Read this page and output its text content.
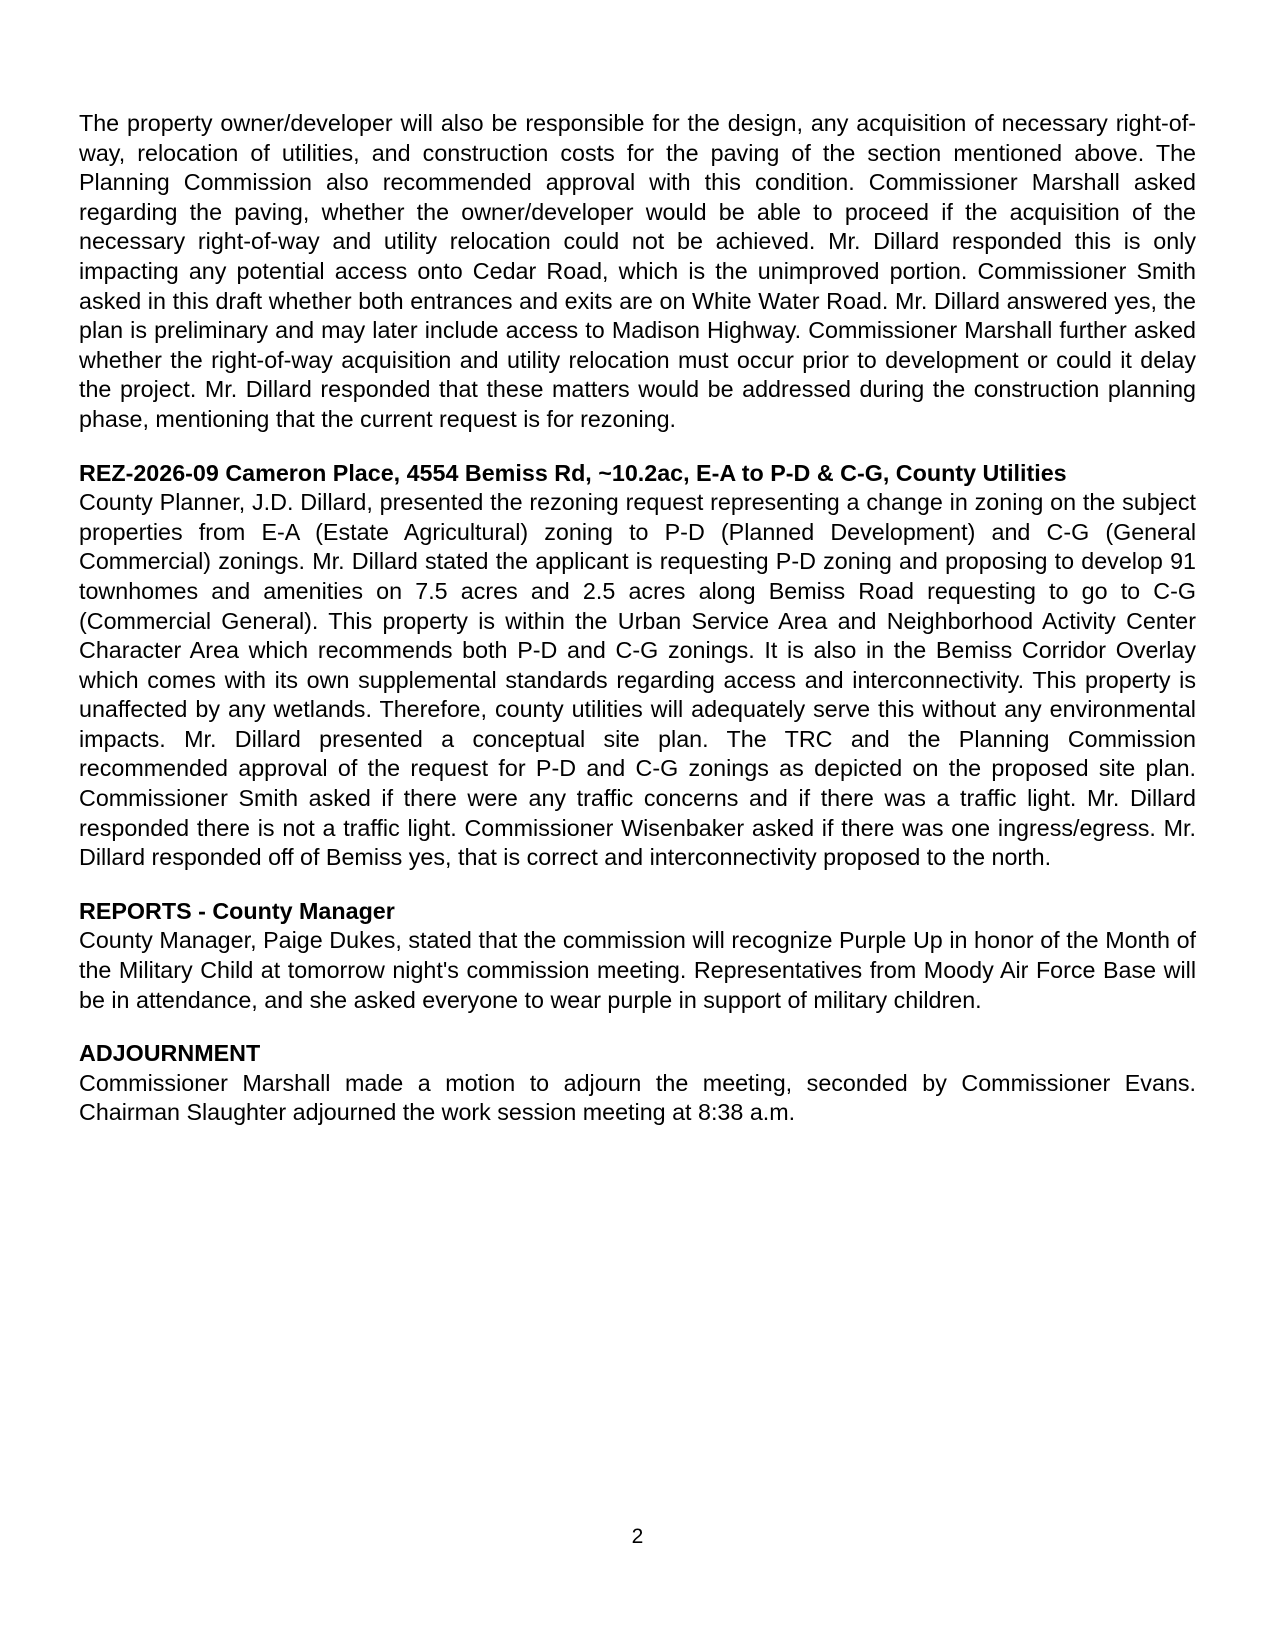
The property owner/developer will also be responsible for the design, any acquisition of necessary right-of-way, relocation of utilities, and construction costs for the paving of the section mentioned above. The Planning Commission also recommended approval with this condition. Commissioner Marshall asked regarding the paving, whether the owner/developer would be able to proceed if the acquisition of the necessary right-of-way and utility relocation could not be achieved. Mr. Dillard responded this is only impacting any potential access onto Cedar Road, which is the unimproved portion. Commissioner Smith asked in this draft whether both entrances and exits are on White Water Road. Mr. Dillard answered yes, the plan is preliminary and may later include access to Madison Highway. Commissioner Marshall further asked whether the right-of-way acquisition and utility relocation must occur prior to development or could it delay the project. Mr. Dillard responded that these matters would be addressed during the construction planning phase, mentioning that the current request is for rezoning.

REZ-2026-09 Cameron Place, 4554 Bemiss Rd, ~10.2ac, E-A to P-D & C-G, County Utilities

County Planner, J.D. Dillard, presented the rezoning request representing a change in zoning on the subject properties from E-A (Estate Agricultural) zoning to P-D (Planned Development) and C-G (General Commercial) zonings. Mr. Dillard stated the applicant is requesting P-D zoning and proposing to develop 91 townhomes and amenities on 7.5 acres and 2.5 acres along Bemiss Road requesting to go to C-G (Commercial General). This property is within the Urban Service Area and Neighborhood Activity Center Character Area which recommends both P-D and C-G zonings. It is also in the Bemiss Corridor Overlay which comes with its own supplemental standards regarding access and interconnectivity. This property is unaffected by any wetlands. Therefore, county utilities will adequately serve this without any environmental impacts. Mr. Dillard presented a conceptual site plan. The TRC and the Planning Commission recommended approval of the request for P-D and C-G zonings as depicted on the proposed site plan. Commissioner Smith asked if there were any traffic concerns and if there was a traffic light. Mr. Dillard responded there is not a traffic light. Commissioner Wisenbaker asked if there was one ingress/egress. Mr. Dillard responded off of Bemiss yes, that is correct and interconnectivity proposed to the north.

REPORTS - County Manager

County Manager, Paige Dukes, stated that the commission will recognize Purple Up in honor of the Month of the Military Child at tomorrow night's commission meeting. Representatives from Moody Air Force Base will be in attendance, and she asked everyone to wear purple in support of military children.

ADJOURNMENT

Commissioner Marshall made a motion to adjourn the meeting, seconded by Commissioner Evans. Chairman Slaughter adjourned the work session meeting at 8:38 a.m.

2
